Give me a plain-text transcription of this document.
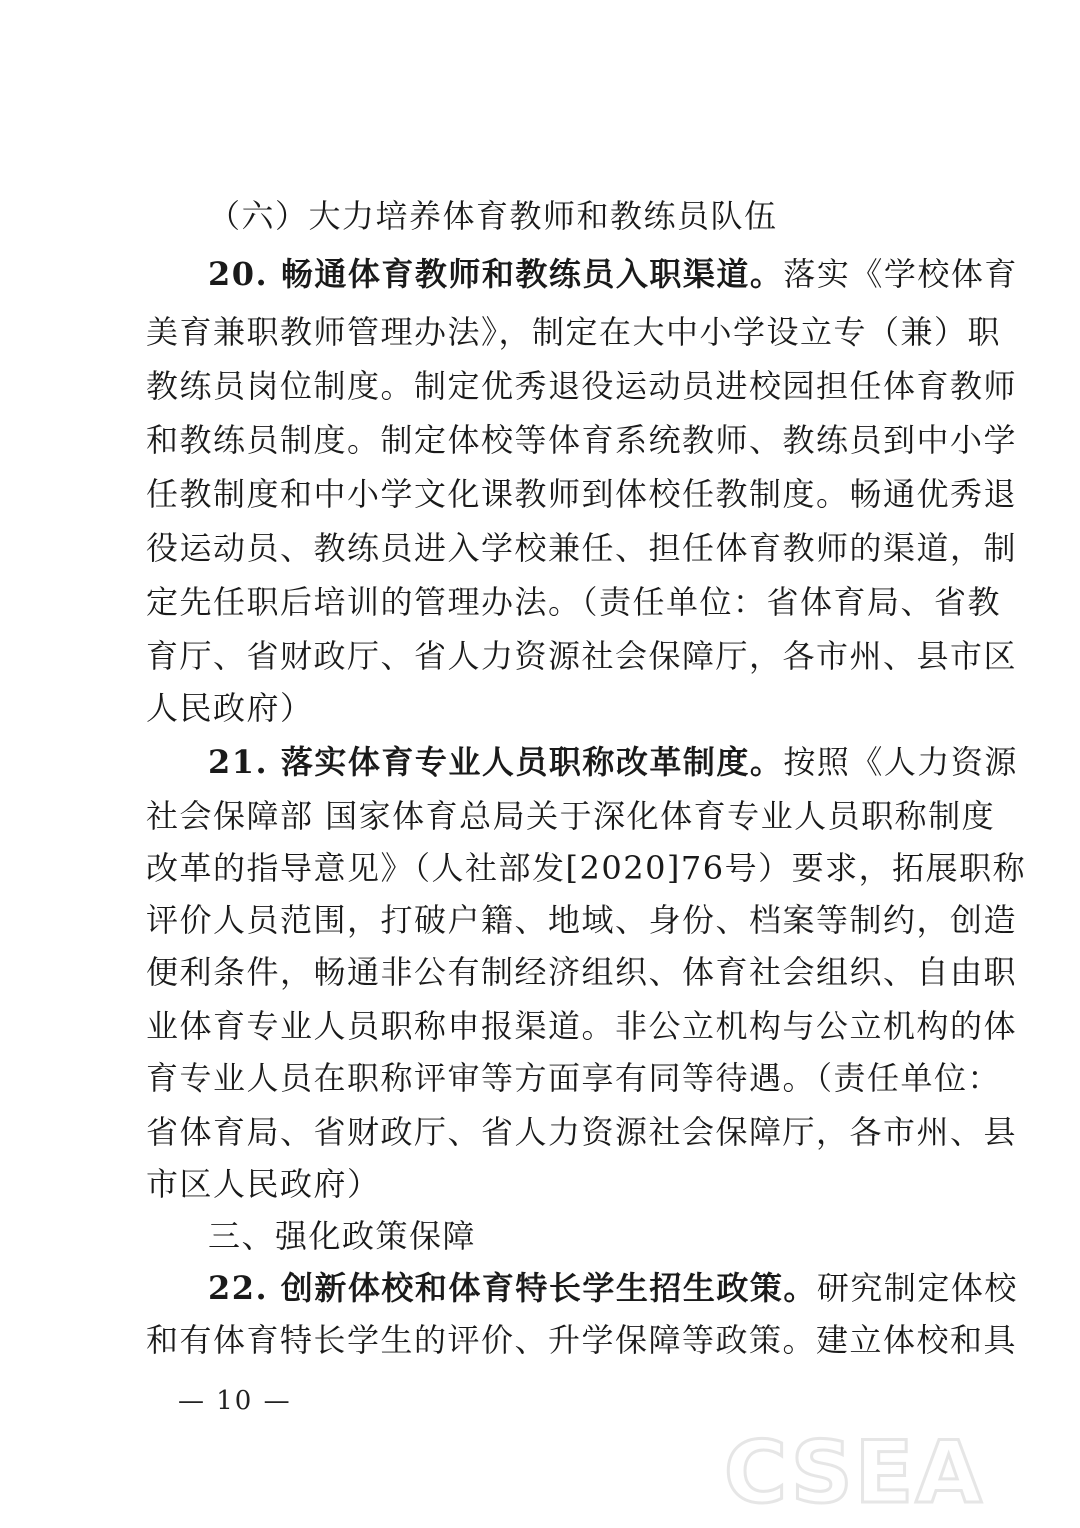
（六）大力培养体育教师和教练员队伍
20. 畅通体育教师和教练员入职渠道。落实《学校体育
美育兼职教师管理办法》，制定在大中小学设立专（兼）职
教练员岗位制度。制定优秀退役运动员进校园担任体育教师
和教练员制度。制定体校等体育系统教师、教练员到中小学
任教制度和中小学文化课教师到体校任教制度。畅通优秀退
役运动员、教练员进入学校兼任、担任体育教师的渠道，制
定先任职后培训的管理办法。（责任单位：省体育局、省教
育厅、省财政厅、省人力资源社会保障厅，各市州、县市区
人民政府）
21. 落实体育专业人员职称改革制度。按照《人力资源
社会保障部 国家体育总局关于深化体育专业人员职称制度
改革的指导意见》（人社部发[2020]76号）要求，拓展职称
评价人员范围，打破户籍、地域、身份、档案等制约，创造
便利条件，畅通非公有制经济组织、体育社会组织、自由职
业体育专业人员职称申报渠道。非公立机构与公立机构的体
育专业人员在职称评审等方面享有同等待遇。（责任单位：
省体育局、省财政厅、省人力资源社会保障厅，各市州、县
市区人民政府）
三、强化政策保障
22. 创新体校和体育特长学生招生政策。研究制定体校
和有体育特长学生的评价、升学保障等政策。建立体校和具
— 10 —
CSEA
